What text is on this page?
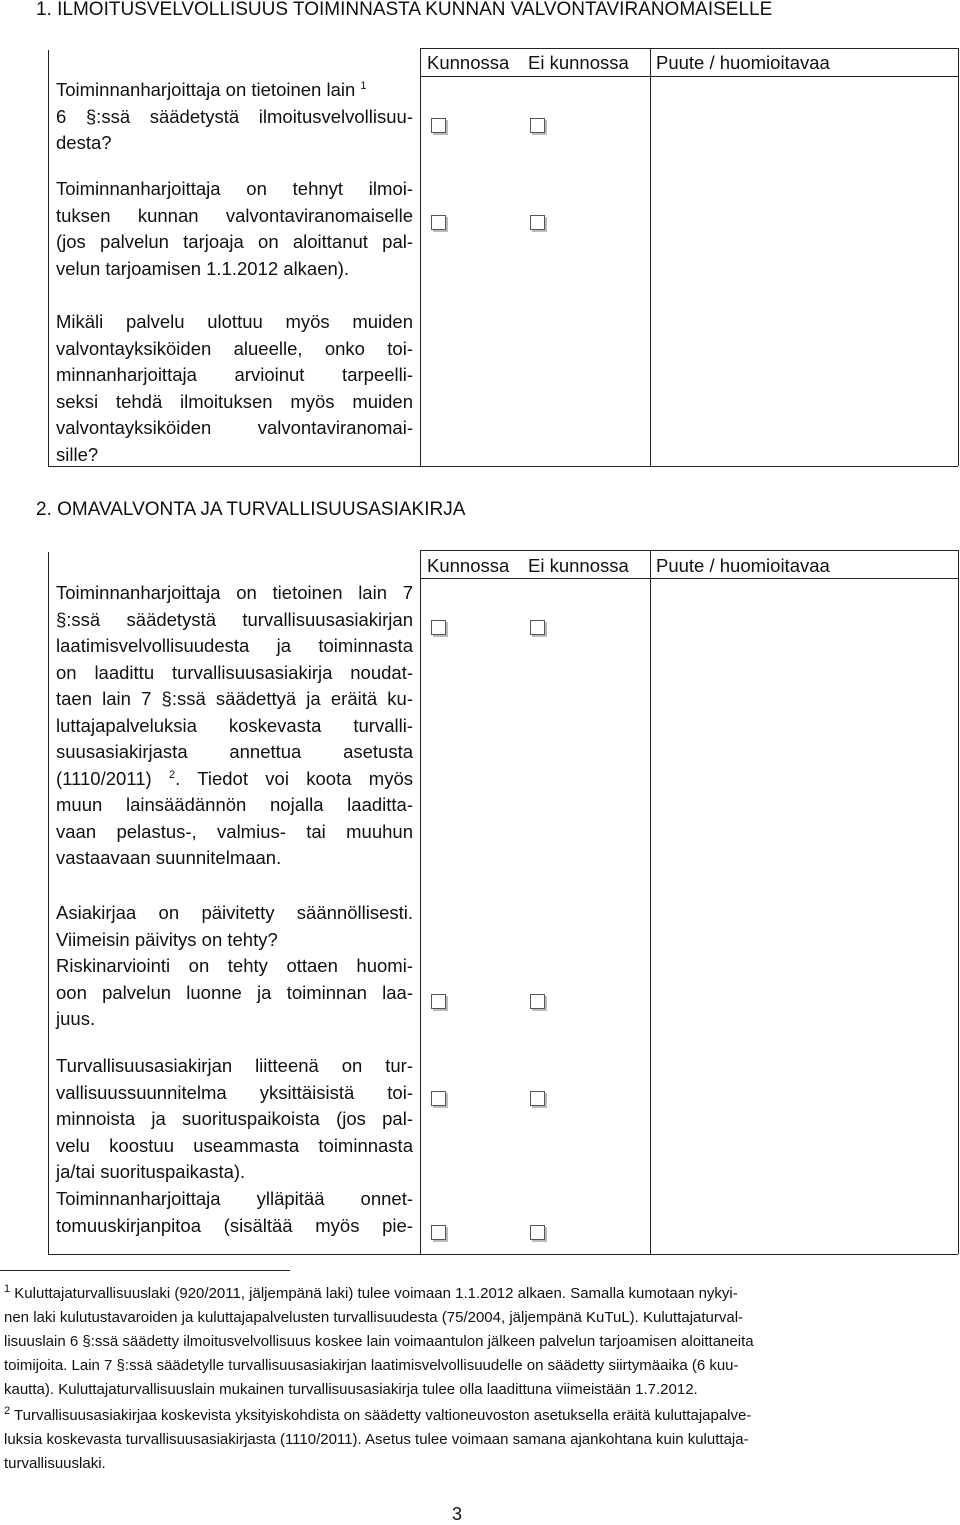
1. ILMOITUSVELVOLLISUUS TOIMINNASTA KUNNAN VALVONTAVIRANOMAISELLE
Kunnossa Ei kunnossa Puute / huomioitavaa
Toiminnanharjoittaja on tietoinen lain $^1$
6 §:ssä säädetystä ilmoitusvelvollisuu-
desta?
Toiminnanharjoittaja on tehnyt ilmoi-
tuksen kunnan valvontaviranomaiselle
(jos palvelun tarjoaja on aloittanut pal-
velun tarjoamisen 1.1.2012 alkaen).
Mikäli palvelu ulottuu myös muiden
valvontayksiköiden alueelle, onko toi-
minnanharjoittaja arvioinut tarpeelli-
seksi tehdä ilmoituksen myös muiden
valvontayksiköiden valvontaviranomai-
sille?
2. OMAVALVONTA JA TURVALLISUUSASIAKIRJA
Kunnossa Ei kunnossa Puute / huomioitavaa
Toiminnanharjoittaja on tietoinen lain 7
§:ssä säädetystä turvallisuusasiakirjan
laatimisvelvollisuudesta ja toiminnasta
on laadittu turvallisuusasiakirja noudat-
taen lain 7 §:ssä säädettyä ja eräitä ku-
luttajapalveluksia koskevasta turvalli-
suusasiakirjasta annettua asetusta
(1110/2011) $^2$. Tiedot voi koota myös
muun lainsäädännön nojalla laaditta-
vaan pelastus-, valmius- tai muuhun
vastaavaan suunnitelmaan.
Asiakirjaa on päivitetty säännöllisesti.
Viimeisin päivitys on tehty?
Riskinarviointi on tehty ottaen huomi-
oon palvelun luonne ja toiminnan laa-
juus.
Turvallisuusasiakirjan liitteenä on tur-
vallisuussuunnitelma yksittäisistä toi-
minnoista ja suorituspaikoista (jos pal-
velu koostuu useammasta toiminnasta
ja/tai suorituspaikasta).
Toiminnanharjoittaja ylläpitää onnet-
tomuuskirjanpitoa (sisältää myös pie-
$^1$ Kuluttajaturvallisuuslaki (920/2011, jäljempänä laki) tulee voimaan 1.1.2012 alkaen. Samalla kumotaan nykyi-
nen laki kulutustavaroiden ja kuluttajapalvelusten turvallisuudesta (75/2004, jäljempänä KuTuL). Kuluttajaturval-
lisuuslain 6 §:ssä säädetty ilmoitusvelvollisuus koskee lain voimaantulon jälkeen palvelun tarjoamisen aloittaneita
toimijoita. Lain 7 §:ssä säädetylle turvallisuusasiakirjan laatimisvelvollisuudelle on säädetty siirtymäaika (6 kuu-
kautta). Kuluttajaturvallisuuslain mukainen turvallisuusasiakirja tulee olla laadittuna viimeistään 1.7.2012.
$^2$ Turvallisuusasiakirjaa koskevista yksityiskohdista on säädetty valtioneuvoston asetuksella eräitä kuluttajapalve-
luksia koskevasta turvallisuusasiakirjasta (1110/2011). Asetus tulee voimaan samana ajankohtana kuin kuluttaja-
turvallisuuslaki.
3
